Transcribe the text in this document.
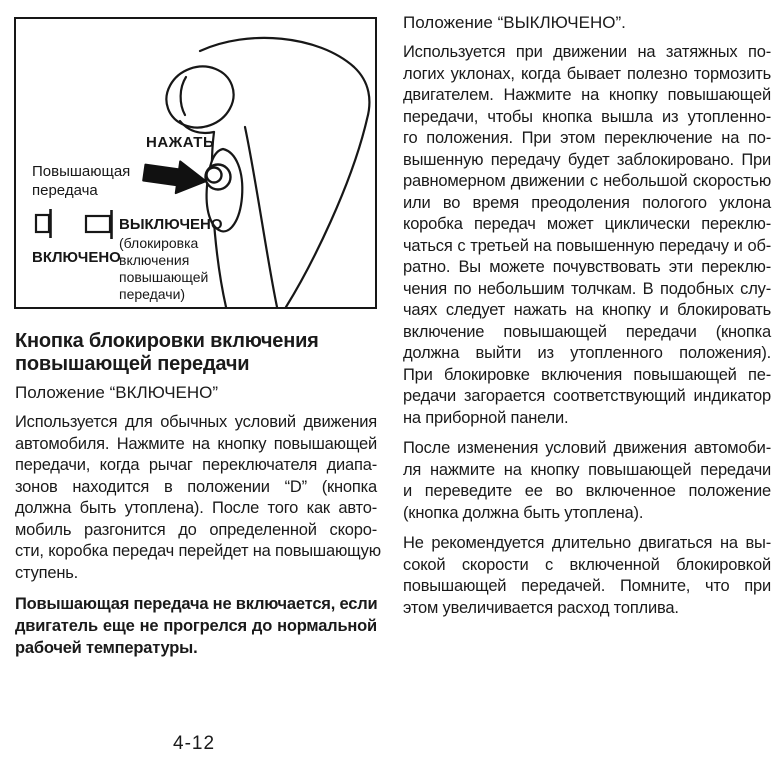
НАЖАТЬ
Повышающая
передача
ВЫКЛЮЧЕНО
(блокировка
включения
повышающей
передачи)
ВКЛЮЧЕНО
Кнопка блокировки включения
повышающей передачи
Положение “ВКЛЮЧЕНО”
Используется для обычных условий движения
автомобиля. Нажмите на кнопку повышающей
передачи, когда рычаг переключателя диапа-
зонов находится в положении “D” (кнопка
должна быть утоплена). После того как авто-
мобиль разгонится до определенной скоро-
сти, коробка передач перейдет на повышающую
ступень.
Повышающая передача не включается, если
двигатель еще не прогрелся до нормальной
рабочей температуры.
Положение “ВЫКЛЮЧЕНО”.
Используется при движении на затяжных по-
логих уклонах, когда бывает полезно тормозить
двигателем. Нажмите на кнопку повышающей
передачи, чтобы кнопка вышла из утопленно-
го положения. При этом переключение на по-
вышенную передачу будет заблокировано. При
равномерном движении с небольшой скоростью
или во время преодоления пологого уклона
коробка передач может циклически переклю-
чаться с третьей на повышенную передачу и об-
ратно. Вы можете почувствовать эти переклю-
чения по небольшим толчкам. В подобных слу-
чаях следует нажать на кнопку и блокировать
включение повышающей передачи (кнопка
должна выйти из утопленного положения).
При блокировке включения повышающей пе-
редачи загорается соответствующий индикатор
на приборной панели.
После изменения условий движения автомоби-
ля нажмите на кнопку повышающей передачи
и переведите ее во включенное положение
(кнопка должна быть утоплена).
Не рекомендуется длительно двигаться на вы-
сокой скорости с включенной блокировкой
повышающей передачей. Помните, что при
этом увеличивается расход топлива.
4-12
